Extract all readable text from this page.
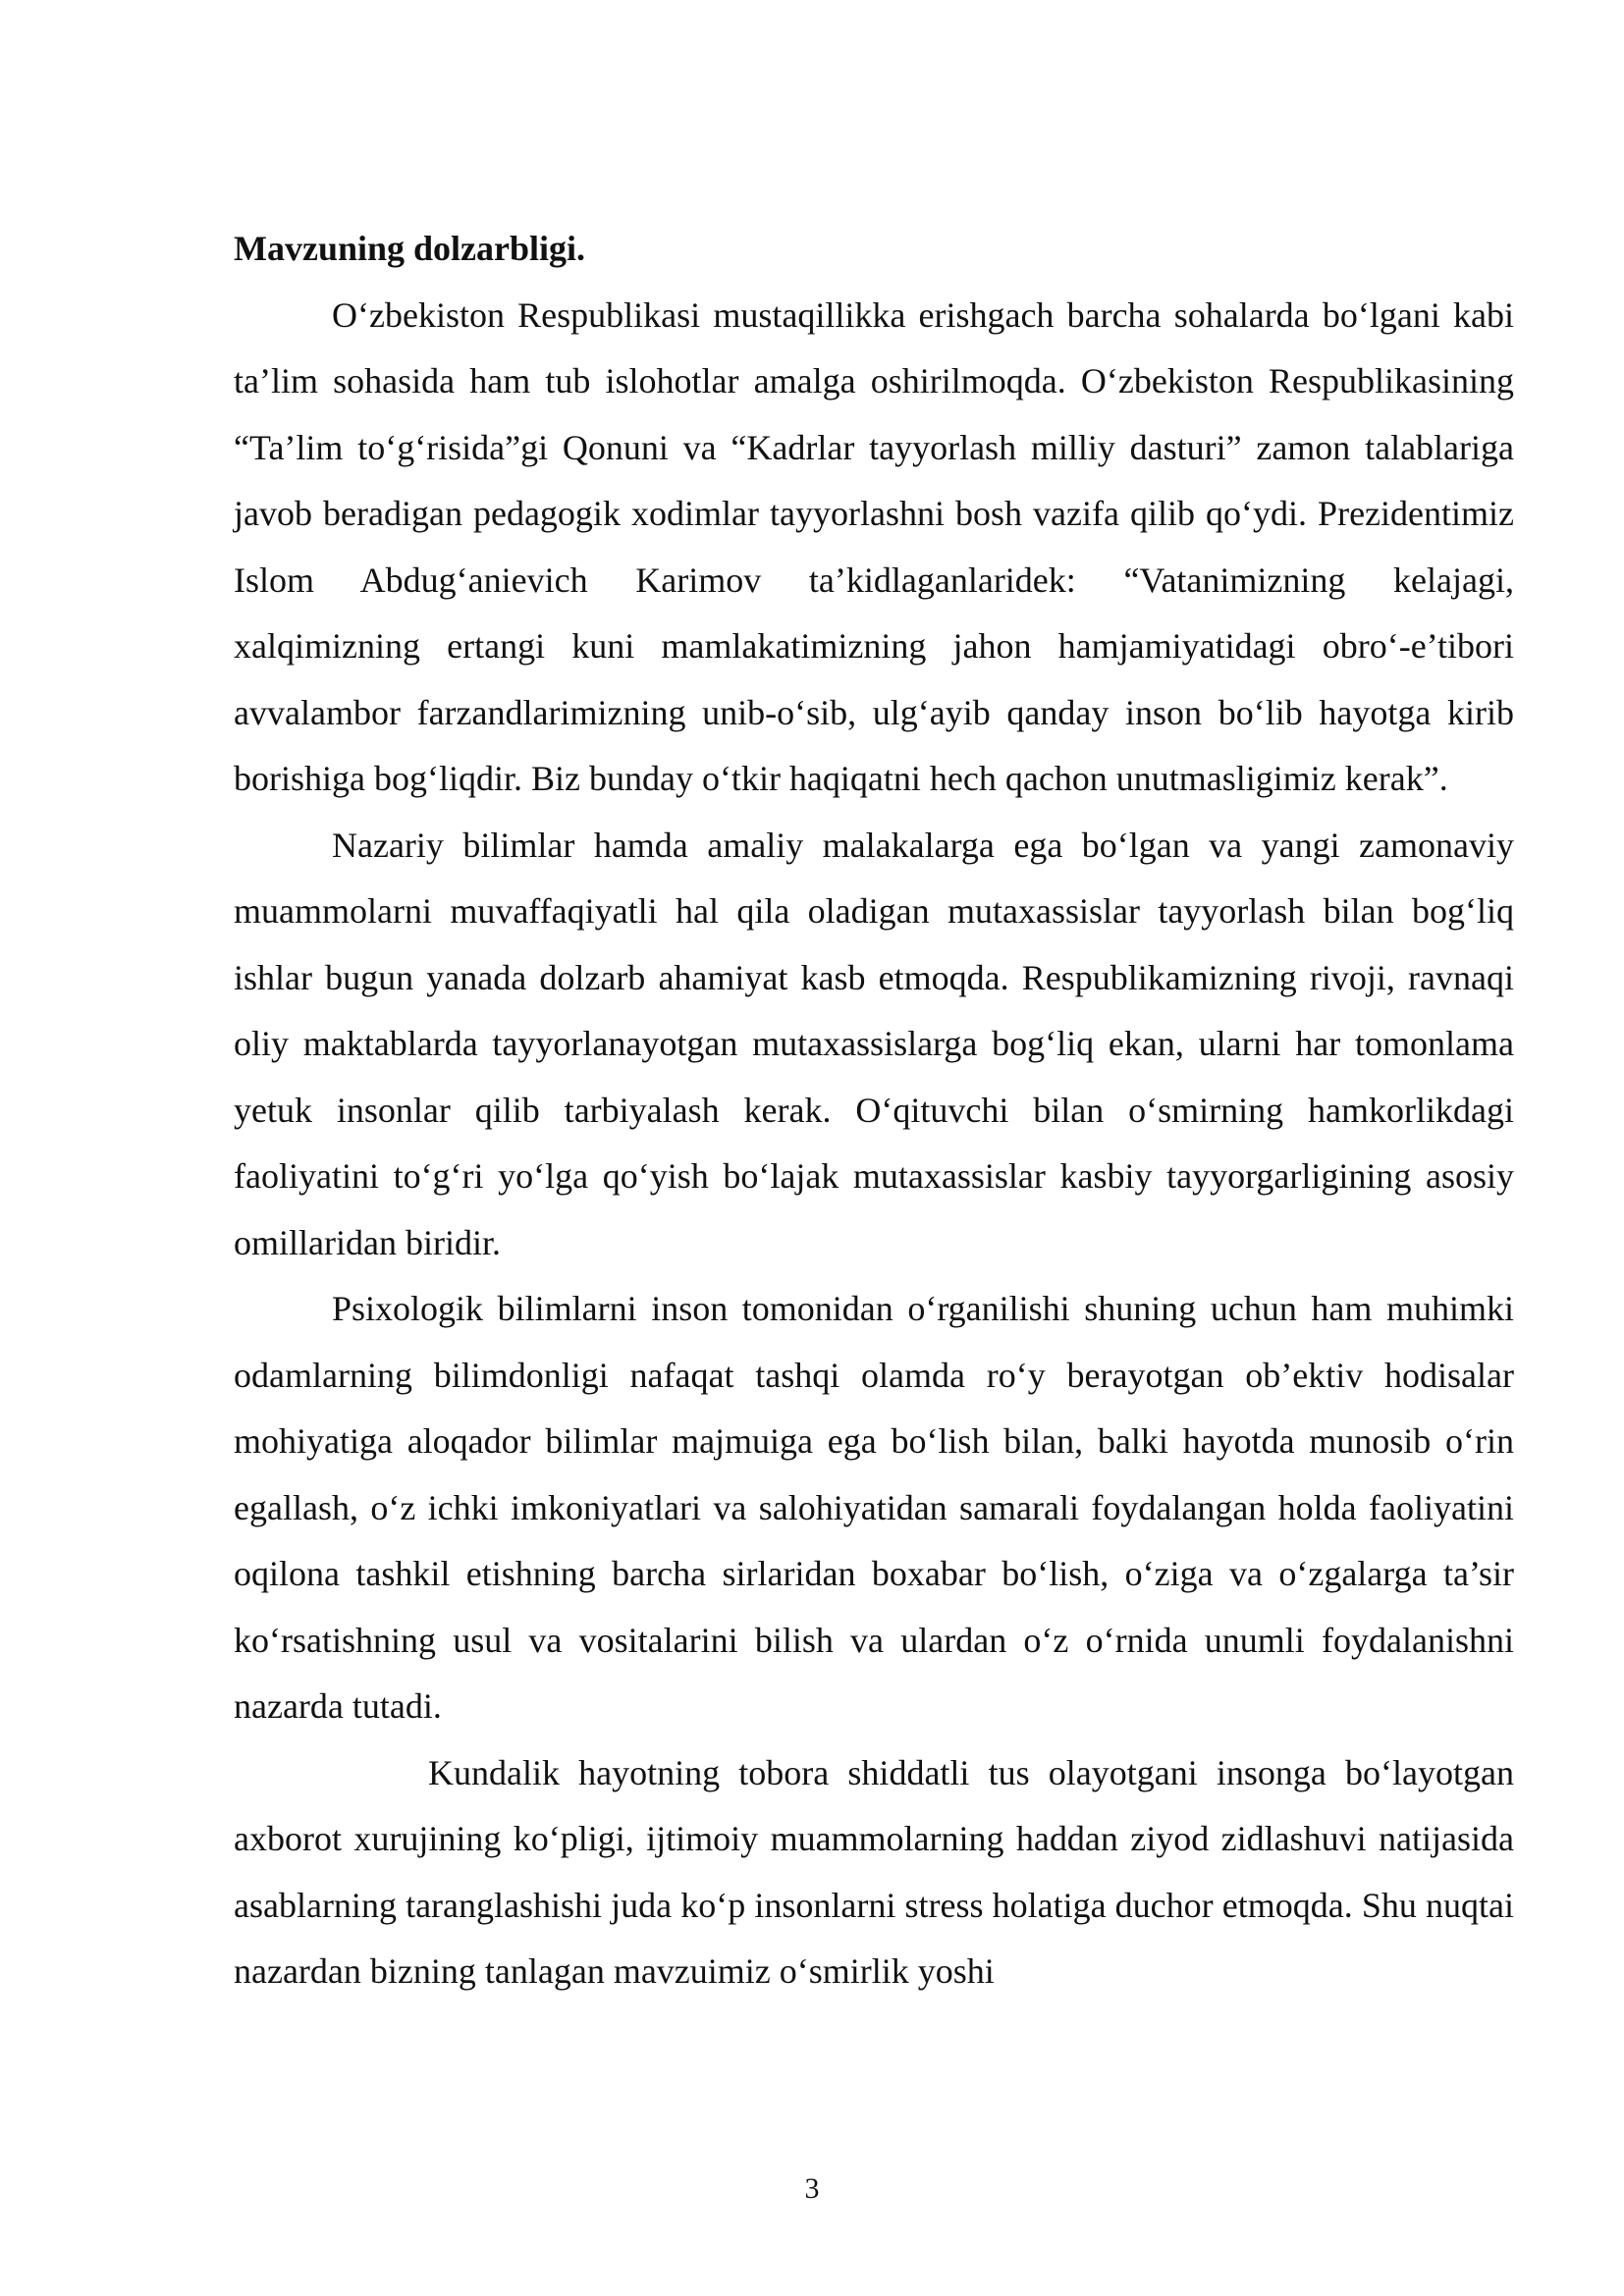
Mavzuning dolzarbligi.

O‘zbekiston Respublikasi mustaqillikka erishgach barcha sohalarda bo‘lgani kabi ta’lim sohasida ham tub islohotlar amalga oshirilmoqda. O‘zbekiston Respublikasining “Ta’lim to‘g‘risida”gi Qonuni va “Kadrlar tayyorlash milliy dasturi” zamon talablariga javob beradigan pedagogik xodimlar tayyorlashni bosh vazifa qilib qo‘ydi. Prezidentimiz Islom Abdug‘anievich Karimov ta’kidlaganlaridek: “Vatanimizning kelajagi, xalqimizning ertangi kuni mamlakatimizning jahon hamjamiyatidagi obro‘-e’tibori avvalambor farzandlarimizning unib-o‘sib, ulg‘ayib qanday inson bo‘lib hayotga kirib borishiga bog‘liqdir. Biz bunday o‘tkir haqiqatni hech qachon unutmasligimiz kerak”.

Nazariy bilimlar hamda amaliy malakalarga ega bo‘lgan va yangi zamonaviy muammolarni muvaffaqiyatli hal qila oladigan mutaxassislar tayyorlash bilan bog‘liq ishlar bugun yanada dolzarb ahamiyat kasb etmoqda. Respublikamizning rivoji, ravnaqi oliy maktablarda tayyorlanayotgan mutaxassislarga bog‘liq ekan, ularni har tomonlama yetuk insonlar qilib tarbiyalash kerak. O‘qituvchi bilan o‘smirning hamkorlikdagi faoliyatini to‘g‘ri yo‘lga qo‘yish bo‘lajak mutaxassislar kasbiy tayyorgarligining asosiy omillaridan biridir.

Psixologik bilimlarni inson tomonidan o‘rganilishi shuning uchun ham muhimki odamlarning bilimdonligi nafaqat tashqi olamda ro‘y berayotgan ob’ektiv hodisalar mohiyatiga aloqador bilimlar majmuiga ega bo‘lish bilan, balki hayotda munosib o‘rin egallash, o‘z ichki imkoniyatlari va salohiyatidan samarali foydalangan holda faoliyatini oqilona tashkil etishning barcha sirlaridan boxabar bo‘lish, o‘ziga va o‘zgalarga ta’sir ko‘rsatishning usul va vositalarini bilish va ulardan o‘z o‘rnida unumli foydalanishni nazarda tutadi.

Kundalik hayotning tobora shiddatli tus olayotgani insonga bo‘layotgan axborot xurujining ko‘pligi, ijtimoiy muammolarning haddan ziyod zidlashuvi natijasida asablarning taranglashishi juda ko‘p insonlarni stress holatiga duchor etmoqda. Shu nuqtai nazardan bizning tanlagan mavzuimiz o‘smirlik yoshi

3
